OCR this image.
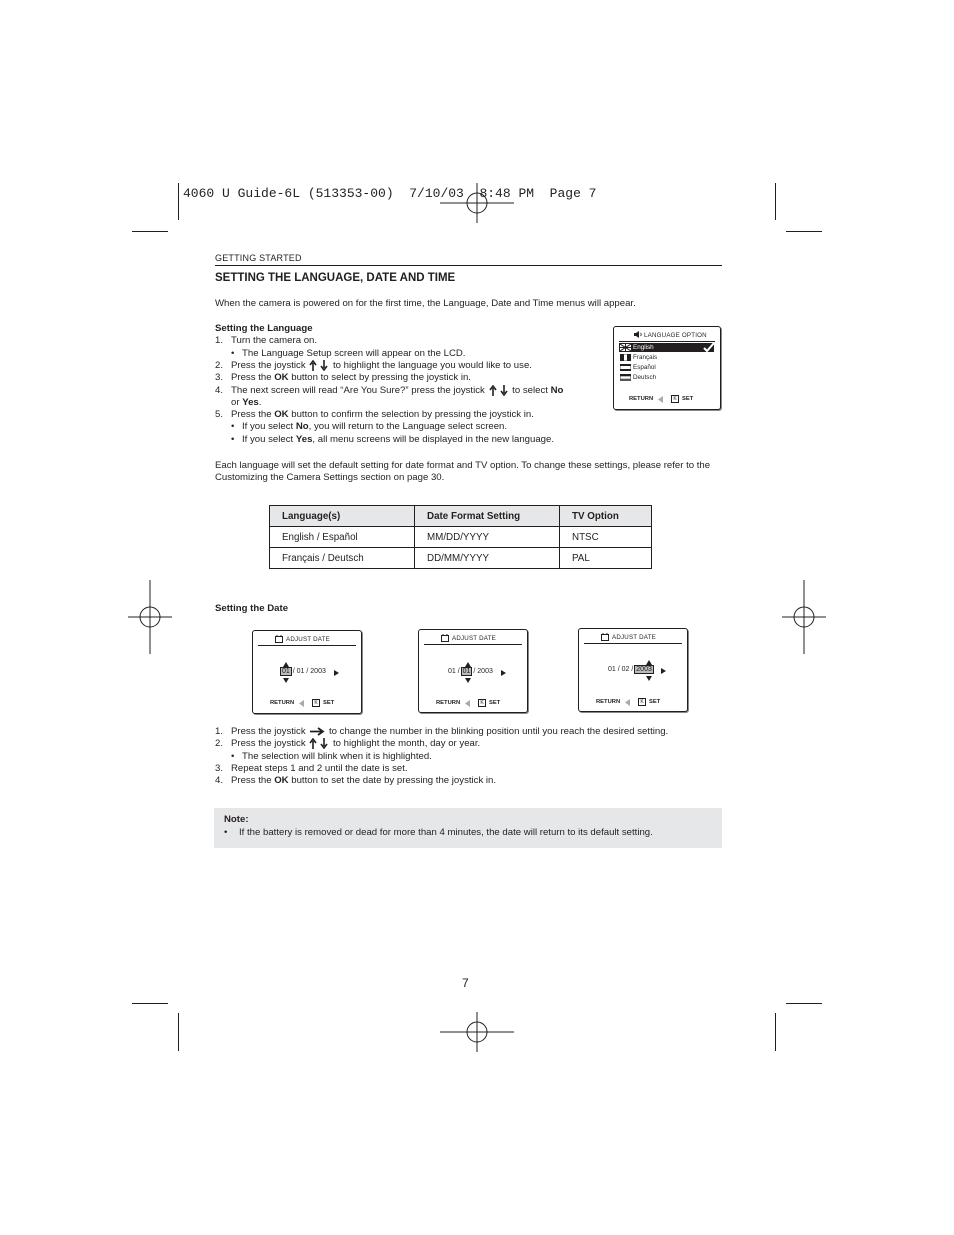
4060 U Guide-6L (513353-00)  7/10/03  8:48 PM  Page 7
GETTING STARTED
SETTING THE LANGUAGE, DATE AND TIME
When the camera is powered on for the first time, the Language, Date and Time menus will appear.
Setting the Language
1. Turn the camera on.
• The Language Setup screen will appear on the LCD.
2. Press the joystick	to highlight the language you would like to use.
3. Press the OK button to select by pressing the joystick in.
4. The next screen will read “Are You Sure?” press the joystick	to select No
or Yes.
5. Press the OK button to confirm the selection by pressing the joystick in.
• If you select No, you will return to the Language select screen.
• If you select Yes, all menu screens will be displayed in the new language.
LANGUAGE OPTION
English
Français
Español
Deutsch
RETURN	K SET
Each language will set the default setting for date format and TV option. To change these settings, please refer to the Customizing the Camera Settings section on page 30.
Language(s)	Date Format Setting	TV Option
English / Español	MM/DD/YYYY	NTSC
Français / Deutsch	DD/MM/YYYY	PAL
Setting the Date
ADJUST DATE
01 / 01 / 2003
RETURN	K SET
ADJUST DATE
01 / 01 / 2003
RETURN	K SET
ADJUST DATE
01 / 02 / 2003
RETURN	K SET
1. Press the joystick to change the number in the blinking position until you reach the desired setting.
2. Press the joystick	to highlight the month, day or year.
• The selection will blink when it is highlighted.
3. Repeat steps 1 and 2 until the date is set.
4. Press the OK button to set the date by pressing the joystick in.
Note:
• If the battery is removed or dead for more than 4 minutes, the date will return to its default setting.
7
